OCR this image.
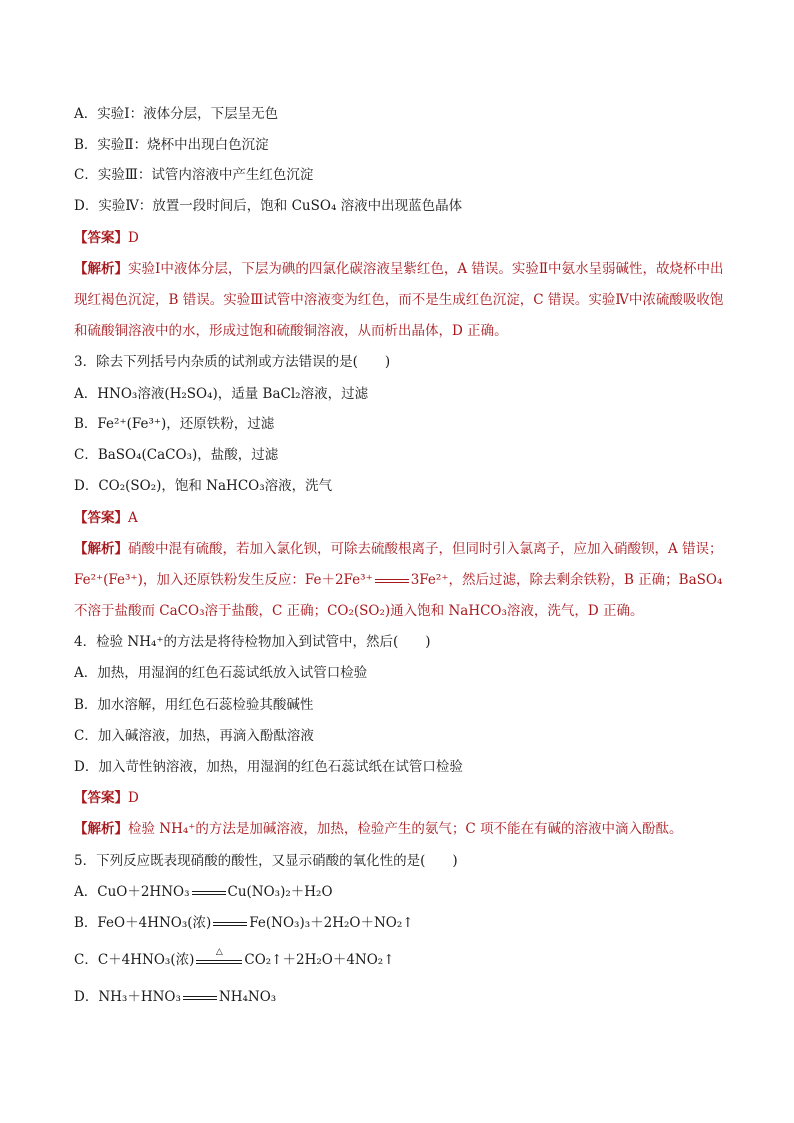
A．实验Ⅰ：液体分层，下层呈无色
B．实验Ⅱ：烧杯中出现白色沉淀
C．实验Ⅲ：试管内溶液中产生红色沉淀
D．实验Ⅳ：放置一段时间后，饱和 CuSO₄ 溶液中出现蓝色晶体
【答案】D
【解析】实验Ⅰ中液体分层，下层为碘的四氯化碳溶液呈紫红色，A 错误。实验Ⅱ中氨水呈弱碱性，故烧杯中出现红褐色沉淀，B 错误。实验Ⅲ试管中溶液变为红色，而不是生成红色沉淀，C 错误。实验Ⅳ中浓硫酸吸收饱和硫酸铜溶液中的水，形成过饱和硫酸铜溶液，从而析出晶体，D 正确。
3．除去下列括号内杂质的试剂或方法错误的是(　　)
A．HNO₃溶液(H₂SO₄)，适量 BaCl₂溶液，过滤
B．Fe²⁺(Fe³⁺)，还原铁粉，过滤
C．BaSO₄(CaCO₃)，盐酸，过滤
D．CO₂(SO₂)，饱和 NaHCO₃溶液，洗气
【答案】A
【解析】硝酸中混有硫酸，若加入氯化钡，可除去硫酸根离子，但同时引入氯离子，应加入硝酸钡，A 错误；Fe²⁺(Fe³⁺)，加入还原铁粉发生反应：Fe＋2Fe³⁺	3Fe²⁺，然后过滤，除去剩余铁粉，B 正确；BaSO₄不溶于盐酸而 CaCO₃溶于盐酸，C 正确；CO₂(SO₂)通入饱和 NaHCO₃溶液，洗气，D 正确。
4．检验 NH₄⁺的方法是将待检物加入到试管中，然后(　　)
A．加热，用湿润的红色石蕊试纸放入试管口检验
B．加水溶解，用红色石蕊检验其酸碱性
C．加入碱溶液，加热，再滴入酚酞溶液
D．加入苛性钠溶液，加热，用湿润的红色石蕊试纸在试管口检验
【答案】D
【解析】检验 NH₄⁺的方法是加碱溶液，加热，检验产生的氨气；C 项不能在有碱的溶液中滴入酚酞。
5．下列反应既表现硝酸的酸性，又显示硝酸的氧化性的是(　　)
A．CuO＋2HNO₃	Cu(NO₃)₂＋H₂O
B．FeO＋4HNO₃(浓)	Fe(NO₃)₃＋2H₂O＋NO₂↑
C．C＋4HNO₃(浓)
△
CO₂↑＋2H₂O＋4NO₂↑
D．NH₃＋HNO₃	NH₄NO₃
